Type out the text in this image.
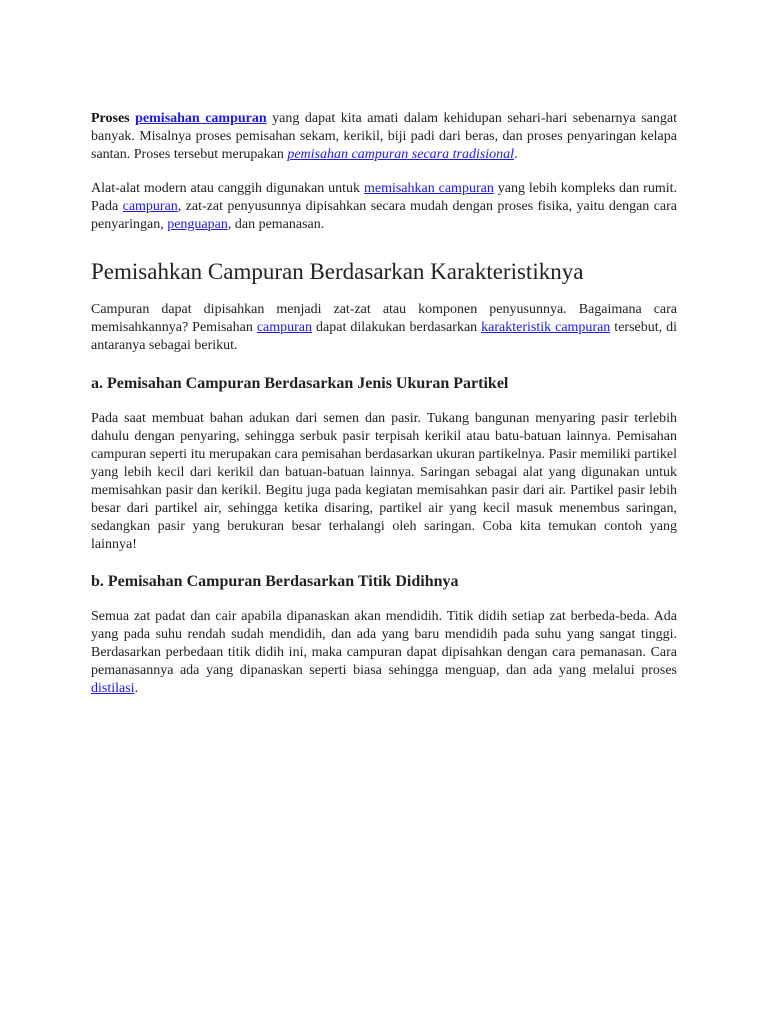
Proses pemisahan campuran yang dapat kita amati dalam kehidupan sehari-hari sebenarnya sangat banyak. Misalnya proses pemisahan sekam, kerikil, biji padi dari beras, dan proses penyaringan kelapa santan. Proses tersebut merupakan pemisahan campuran secara tradisional.

Alat-alat modern atau canggih digunakan untuk memisahkan campuran yang lebih kompleks dan rumit. Pada campuran, zat-zat penyusunnya dipisahkan secara mudah dengan proses fisika, yaitu dengan cara penyaringan, penguapan, dan pemanasan.

Pemisahkan Campuran Berdasarkan Karakteristiknya

Campuran dapat dipisahkan menjadi zat-zat atau komponen penyusunnya. Bagaimana cara memisahkannya? Pemisahan campuran dapat dilakukan berdasarkan karakteristik campuran tersebut, di antaranya sebagai berikut.

a. Pemisahan Campuran Berdasarkan Jenis Ukuran Partikel

Pada saat membuat bahan adukan dari semen dan pasir. Tukang bangunan menyaring pasir terlebih dahulu dengan penyaring, sehingga serbuk pasir terpisah kerikil atau batu-batuan lainnya. Pemisahan campuran seperti itu merupakan cara pemisahan berdasarkan ukuran partikelnya. Pasir memiliki partikel yang lebih kecil dari kerikil dan batuan-batuan lainnya. Saringan sebagai alat yang digunakan untuk memisahkan pasir dan kerikil. Begitu juga pada kegiatan memisahkan pasir dari air. Partikel pasir lebih besar dari partikel air, sehingga ketika disaring, partikel air yang kecil masuk menembus saringan, sedangkan pasir yang berukuran besar terhalangi oleh saringan. Coba kita temukan contoh yang lainnya!

b. Pemisahan Campuran Berdasarkan Titik Didihnya

Semua zat padat dan cair apabila dipanaskan akan mendidih. Titik didih setiap zat berbeda-beda. Ada yang pada suhu rendah sudah mendidih, dan ada yang baru mendidih pada suhu yang sangat tinggi. Berdasarkan perbedaan titik didih ini, maka campuran dapat dipisahkan dengan cara pemanasan. Cara pemanasannya ada yang dipanaskan seperti biasa sehingga menguap, dan ada yang melalui proses distilasi.
